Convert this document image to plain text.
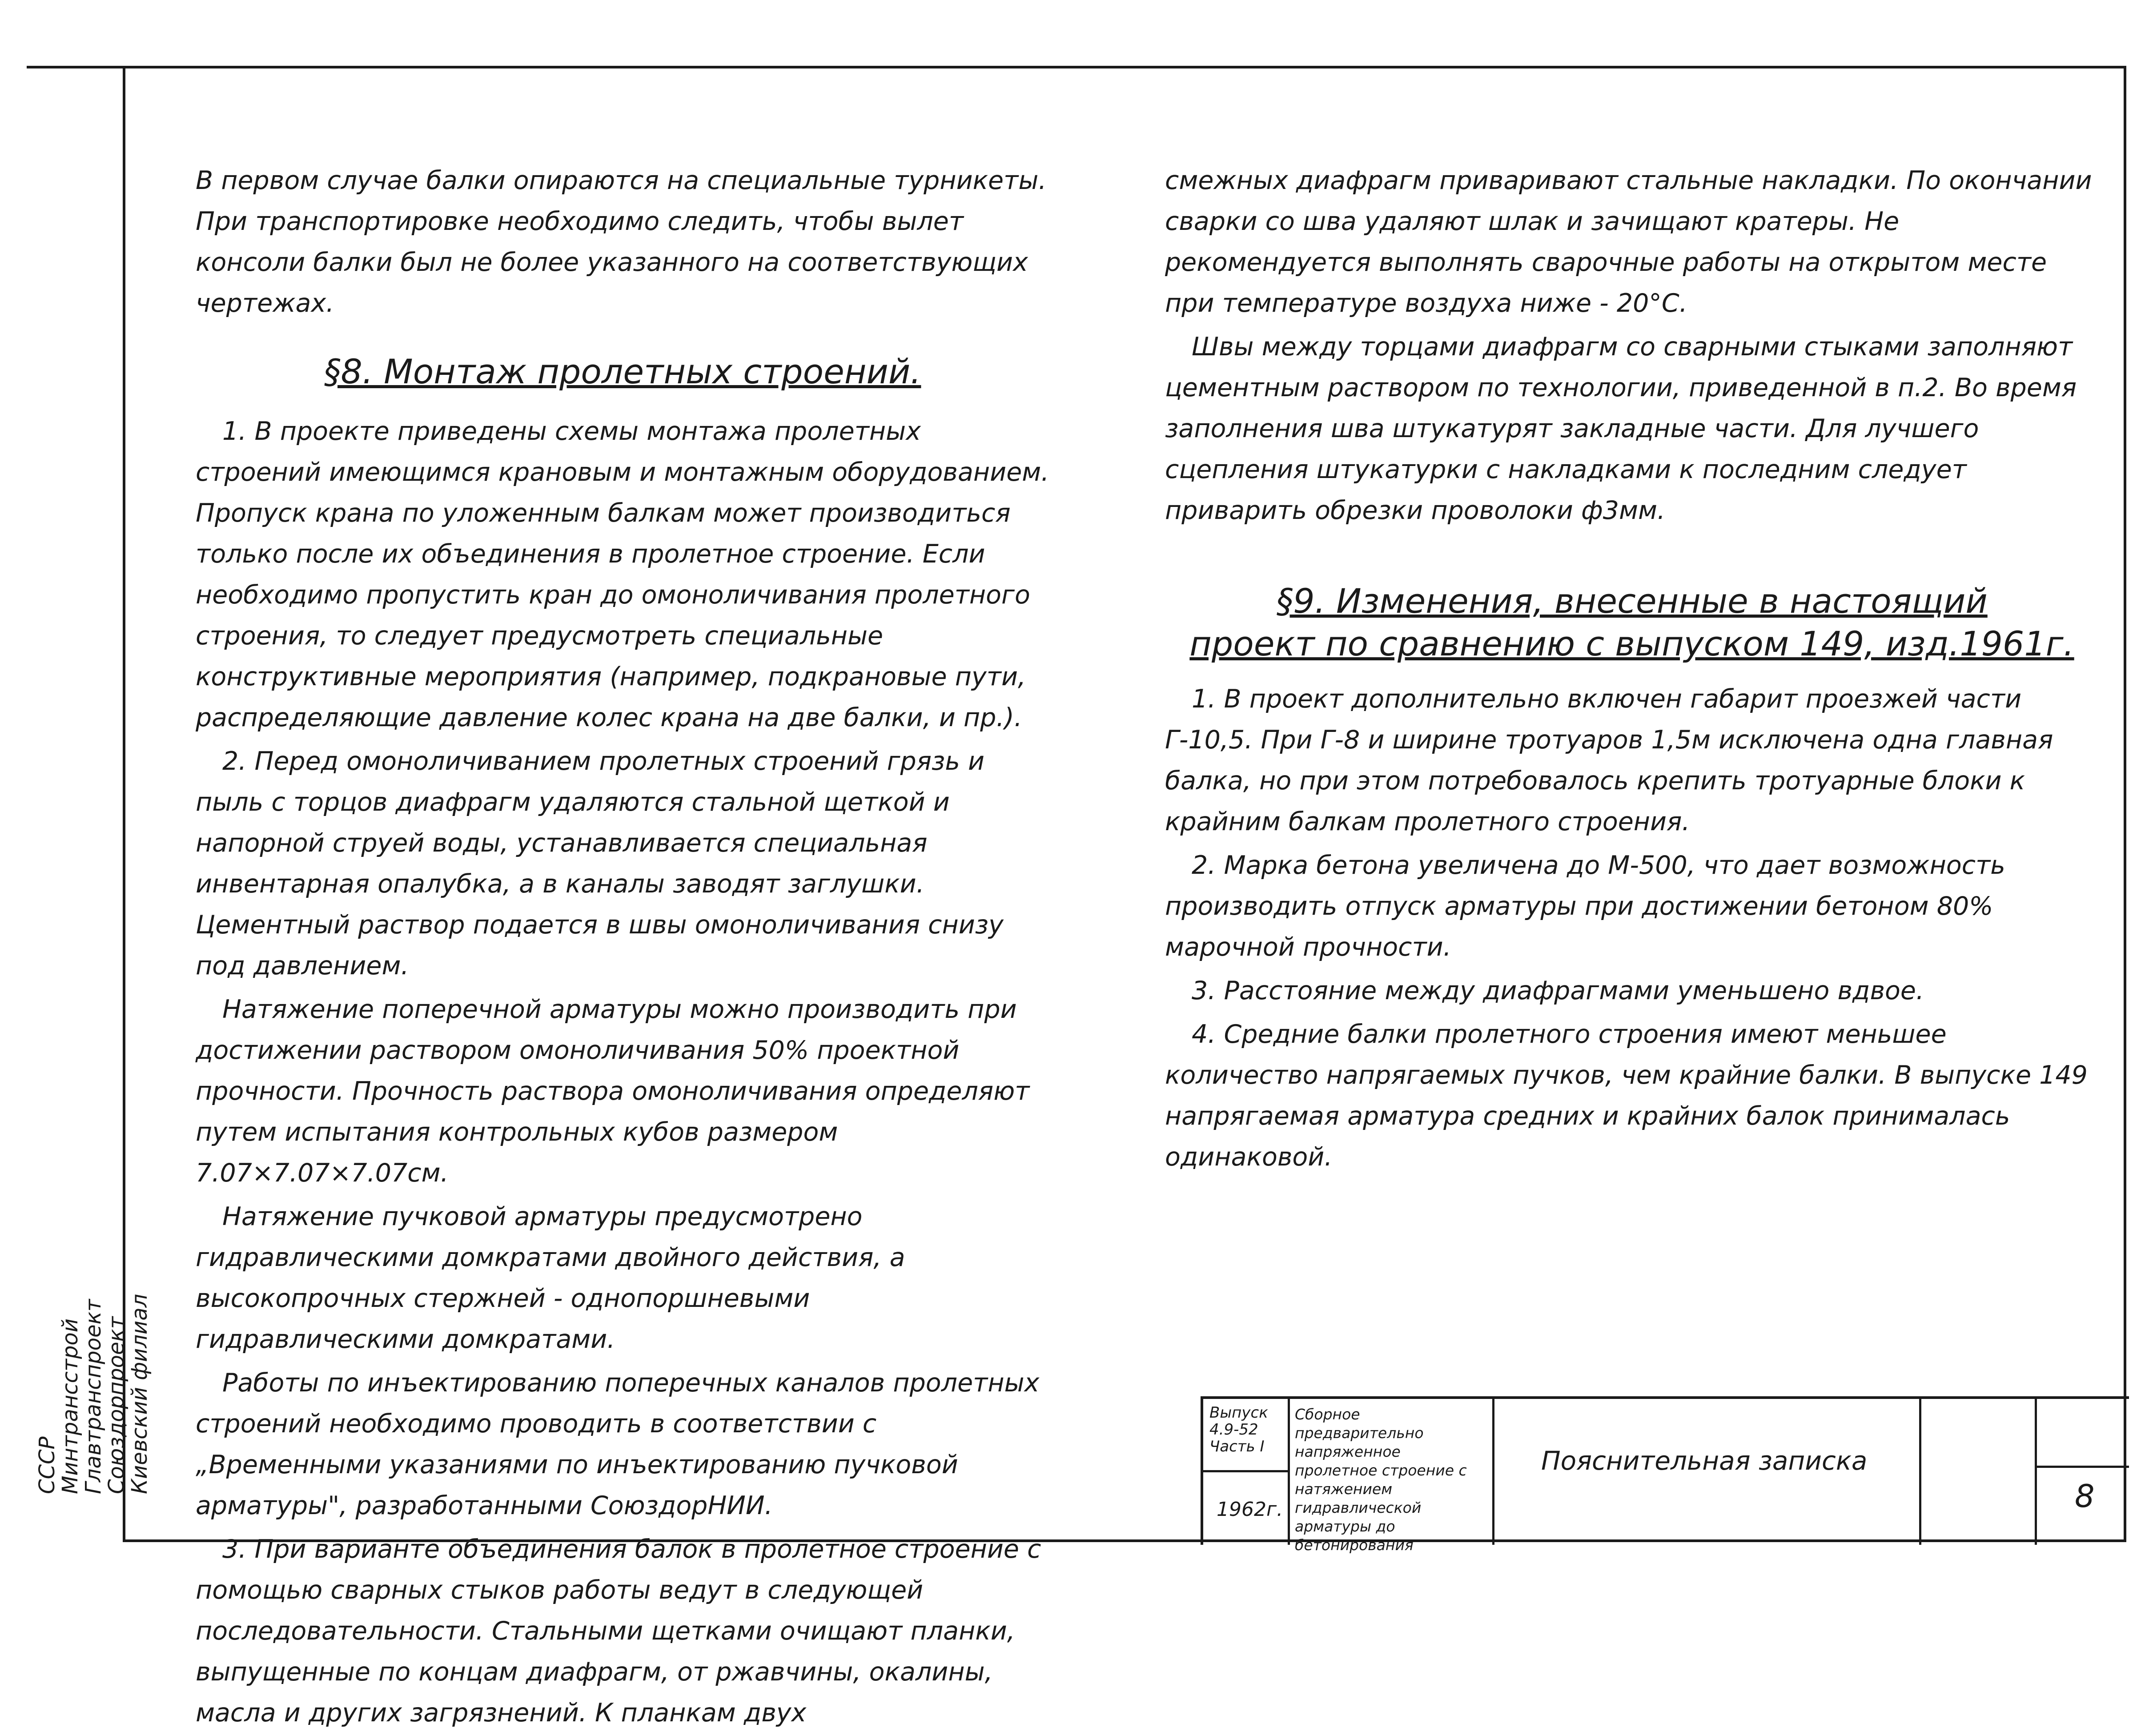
СССР
Минтрансстрой
Главтранспроект
Союздорпроект
Киевский филиал

В первом случае балки опираются на специальные турникеты. При транспортировке необходимо следить, чтобы вылет консоли балки был не более указанного на соответствующих чертежах.

§8. Монтаж пролетных строений.

1. В проекте приведены схемы монтажа пролетных строений имеющимся крановым и монтажным оборудованием. Пропуск крана по уложенным балкам может производиться только после их объединения в пролетное строение. Если необходимо пропустить кран до омоноличивания пролетного строения, то следует предусмотреть специальные конструктивные мероприятия (например, подкрановые пути, распределяющие давление колес крана на две балки, и пр.).

2. Перед омоноличиванием пролетных строений грязь и пыль с торцов диафрагм удаляются стальной щеткой и напорной струей воды, устанавливается специальная инвентарная опалубка, а в каналы заводят заглушки. Цементный раствор подается в швы омоноличивания снизу под давлением.

Натяжение поперечной арматуры можно производить при достижении раствором омоноличивания 50% проектной прочности. Прочность раствора омоноличивания определяют путем испытания контрольных кубов размером 7.07×7.07×7.07см.

Натяжение пучковой арматуры предусмотрено гидравлическими домкратами двойного действия, а высокопрочных стержней - однопоршневыми гидравлическими домкратами.

Работы по инъектированию поперечных каналов пролетных строений необходимо проводить в соответствии с „Временными указаниями по инъектированию пучковой арматуры", разработанными СоюздорНИИ.

3. При варианте объединения балок в пролетное строение с помощью сварных стыков работы ведут в следующей последовательности. Стальными щетками очищают планки, выпущенные по концам диафрагм, от ржавчины, окалины, масла и других загрязнений. К планкам двух

смежных диафрагм приваривают стальные накладки. По окончании сварки со шва удаляют шлак и зачищают кратеры. Не рекомендуется выполнять сварочные работы на открытом месте при температуре воздуха ниже - 20°С.

Швы между торцами диафрагм со сварными стыками заполняют цементным раствором по технологии, приведенной в п.2. Во время заполнения шва штукатурят закладные части. Для лучшего сцепления штукатурки с накладками к последним следует приварить обрезки проволоки ф3мм.

§9. Изменения, внесенные в настоящий
проект по сравнению с выпуском 149, изд.1961г.

1. В проект дополнительно включен габарит проезжей части Г-10,5. При Г-8 и ширине тротуаров 1,5м исключена одна главная балка, но при этом потребовалось крепить тротуарные блоки к крайним балкам пролетного строения.

2. Марка бетона увеличена до М-500, что дает возможность производить отпуск арматуры при достижении бетоном 80% марочной прочности.

3. Расстояние между диафрагмами уменьшено вдвое.

4. Средние балки пролетного строения имеют меньшее количество напрягаемых пучков, чем крайние балки. В выпуске 149 напрягаемая арматура средних и крайних балок принималась одинаковой.

Выпуск
4.9-52
Часть I
1962г.
Сборное предварительно напряженное пролетное строение с натяжением гидравлической арматуры до бетонирования
Пояснительная записка
8
